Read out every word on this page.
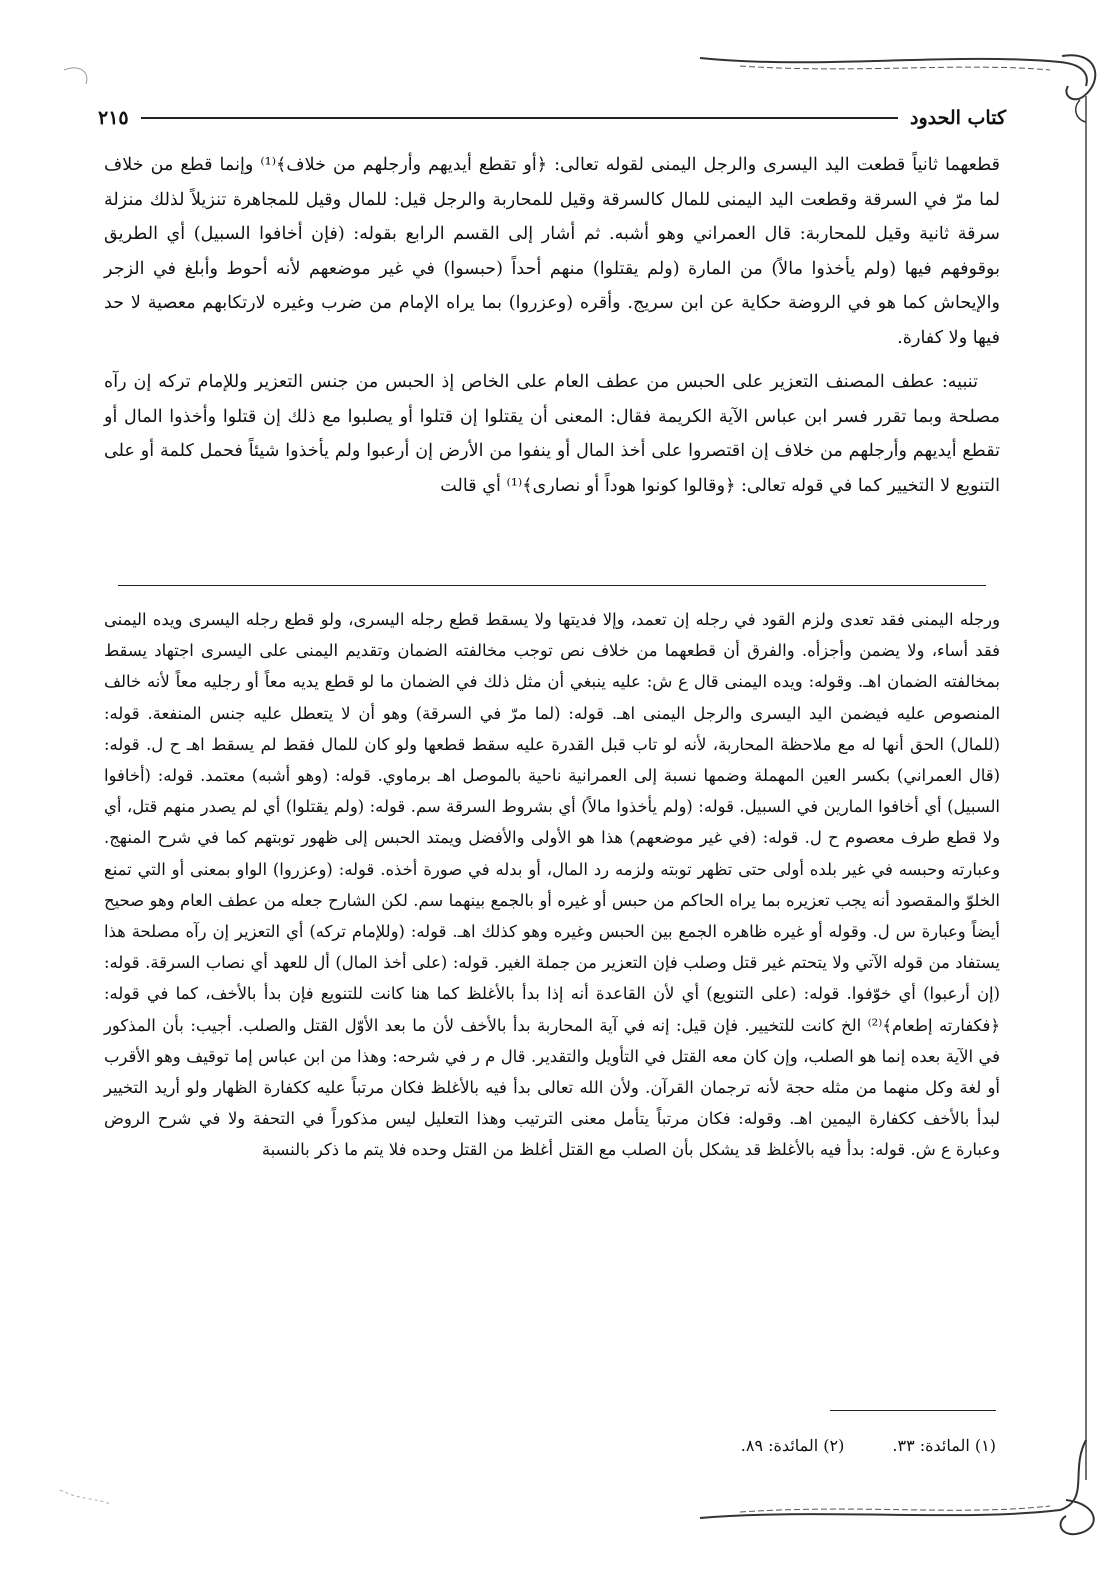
كتاب الحدود
٢١٥

قطعهما ثانياً قطعت اليد اليسرى والرجل اليمنى لقوله تعالى: ﴿أو تقطع أيديهم وأرجلهم من خلاف﴾⁽¹⁾ وإنما قطع من خلاف لما مرّ في السرقة وقطعت اليد اليمنى للمال كالسرقة وقيل للمحاربة والرجل قيل: للمال وقيل للمجاهرة تنزيلاً لذلك منزلة سرقة ثانية وقيل للمحاربة: قال العمراني وهو أشبه. ثم أشار إلى القسم الرابع بقوله: (فإن أخافوا السبيل) أي الطريق بوقوفهم فيها (ولم يأخذوا مالاً) من المارة (ولم يقتلوا) منهم أحداً (حبسوا) في غير موضعهم لأنه أحوط وأبلغ في الزجر والإيحاش كما هو في الروضة حكاية عن ابن سريج. وأقره (وعزروا) بما يراه الإمام من ضرب وغيره لارتكابهم معصية لا حد فيها ولا كفارة.

تنبيه: عطف المصنف التعزير على الحبس من عطف العام على الخاص إذ الحبس من جنس التعزير وللإمام تركه إن رآه مصلحة وبما تقرر فسر ابن عباس الآية الكريمة فقال: المعنى أن يقتلوا إن قتلوا أو يصلبوا مع ذلك إن قتلوا وأخذوا المال أو تقطع أيديهم وأرجلهم من خلاف إن اقتصروا على أخذ المال أو ينفوا من الأرض إن أرعبوا ولم يأخذوا شيئاً فحمل كلمة أو على التنويع لا التخيير كما في قوله تعالى: ﴿وقالوا كونوا هوداً أو نصارى﴾⁽¹⁾ أي قالت

ورجله اليمنى فقد تعدى ولزم القود في رجله إن تعمد، وإلا فديتها ولا يسقط قطع رجله اليسرى، ولو قطع رجله اليسرى ويده اليمنى فقد أساء، ولا يضمن وأجزأه. والفرق أن قطعهما من خلاف نص توجب مخالفته الضمان وتقديم اليمنى على اليسرى اجتهاد يسقط بمخالفته الضمان اهـ. وقوله: ويده اليمنى قال ع ش: عليه ينبغي أن مثل ذلك في الضمان ما لو قطع يديه معاً أو رجليه معاً لأنه خالف المنصوص عليه فيضمن اليد اليسرى والرجل اليمنى اهـ. قوله: (لما مرّ في السرقة) وهو أن لا يتعطل عليه جنس المنفعة. قوله: (للمال) الحق أنها له مع ملاحظة المحاربة، لأنه لو تاب قبل القدرة عليه سقط قطعها ولو كان للمال فقط لم يسقط اهـ ح ل. قوله: (قال العمراني) بكسر العين المهملة وضمها نسبة إلى العمرانية ناحية بالموصل اهـ برماوي. قوله: (وهو أشبه) معتمد. قوله: (أخافوا السبيل) أي أخافوا المارين في السبيل. قوله: (ولم يأخذوا مالاً) أي بشروط السرقة سم. قوله: (ولم يقتلوا) أي لم يصدر منهم قتل، أي ولا قطع طرف معصوم ح ل. قوله: (في غير موضعهم) هذا هو الأولى والأفضل ويمتد الحبس إلى ظهور توبتهم كما في شرح المنهج. وعبارته وحبسه في غير بلده أولى حتى تظهر توبته ولزمه رد المال، أو بدله في صورة أخذه. قوله: (وعزروا) الواو بمعنى أو التي تمنع الخلوّ والمقصود أنه يجب تعزيره بما يراه الحاكم من حبس أو غيره أو بالجمع بينهما سم. لكن الشارح جعله من عطف العام وهو صحيح أيضاً وعبارة س ل. وقوله أو غيره ظاهره الجمع بين الحبس وغيره وهو كذلك اهـ. قوله: (وللإمام تركه) أي التعزير إن رآه مصلحة هذا يستفاد من قوله الآتي ولا يتحتم غير قتل وصلب فإن التعزير من جملة الغير. قوله: (على أخذ المال) أل للعهد أي نصاب السرقة. قوله: (إن أرعبوا) أي خوّفوا. قوله: (على التنويع) أي لأن القاعدة أنه إذا بدأ بالأغلظ كما هنا كانت للتنويع فإن بدأ بالأخف، كما في قوله: ﴿فكفارته إطعام﴾⁽²⁾ الخ كانت للتخيير. فإن قيل: إنه في آية المحاربة بدأ بالأخف لأن ما بعد الأوّل القتل والصلب. أجيب: بأن المذكور في الآية بعده إنما هو الصلب، وإن كان معه القتل في التأويل والتقدير. قال م ر في شرحه: وهذا من ابن عباس إما توقيف وهو الأقرب أو لغة وكل منهما من مثله حجة لأنه ترجمان القرآن. ولأن الله تعالى بدأ فيه بالأغلظ فكان مرتباً عليه ككفارة الظهار ولو أريد التخيير لبدأ بالأخف ككفارة اليمين اهـ. وقوله: فكان مرتباً يتأمل معنى الترتيب وهذا التعليل ليس مذكوراً في التحفة ولا في شرح الروض وعبارة ع ش. قوله: بدأ فيه بالأغلظ قد يشكل بأن الصلب مع القتل أغلظ من القتل وحده فلا يتم ما ذكر بالنسبة

(١) المائدة: ٣٣.
(٢) المائدة: ٨٩.
